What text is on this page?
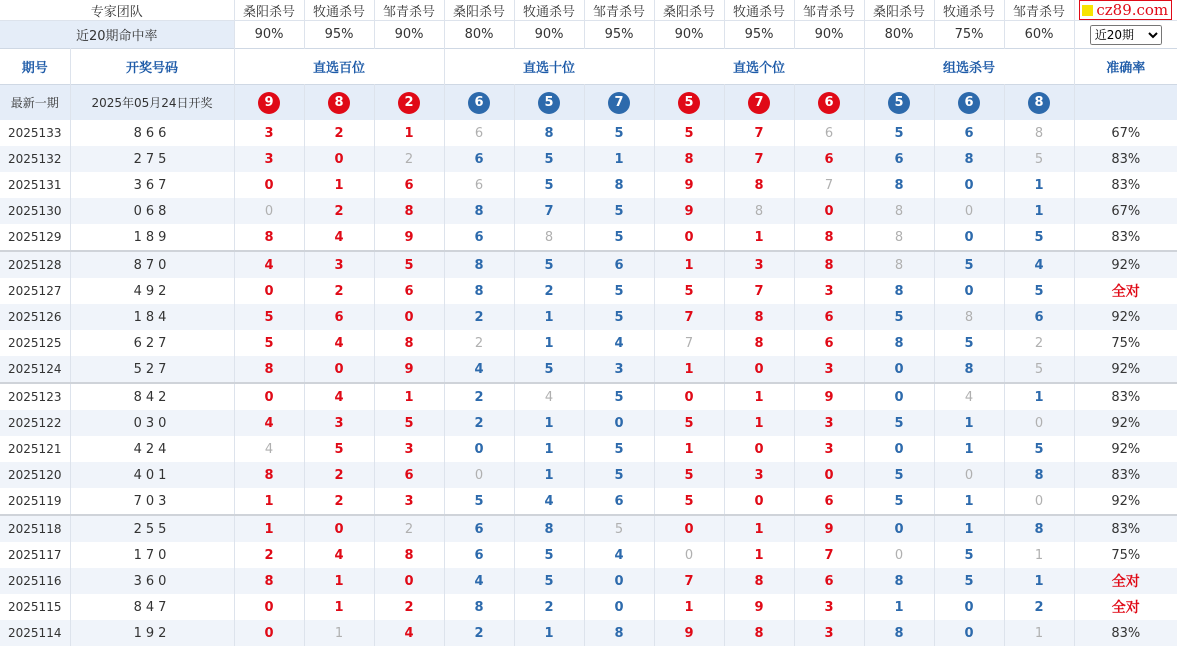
专家团队		桑阳杀号	牧通杀号	邹青杀号	桑阳杀号	牧通杀号	邹青杀号	桑阳杀号	牧通杀号	邹青杀号	桑阳杀号	牧通杀号	邹青杀号	cz89.com

近20期命中率		90%	95%	90%	80%	90%	95%	90%	95%	90%	80%	75%	60%	
近20期
期号	开奖号码	直选百位			直选十位			直选个位			组选杀号			准确率
最新一期	2025年05月24日开奖	9	8	2	6	5	7	5	7	6	5	6	8	
2025133	866	3	2	1	6	8	5	5	7	6	5	6	8	67%
2025132	275	3	0	2	6	5	1	8	7	6	6	8	5	83%
2025131	367	0	1	6	6	5	8	9	8	7	8	0	1	83%
2025130	068	0	2	8	8	7	5	9	8	0	8	0	1	67%
2025129	189	8	4	9	6	8	5	0	1	8	8	0	5	83%
2025128	870	4	3	5	8	5	6	1	3	8	8	5	4	92%
2025127	492	0	2	6	8	2	5	5	7	3	8	0	5	全对
2025126	184	5	6	0	2	1	5	7	8	6	5	8	6	92%
2025125	627	5	4	8	2	1	4	7	8	6	8	5	2	75%
2025124	527	8	0	9	4	5	3	1	0	3	0	8	5	92%
2025123	842	0	4	1	2	4	5	0	1	9	0	4	1	83%
2025122	030	4	3	5	2	1	0	5	1	3	5	1	0	92%
2025121	424	4	5	3	0	1	5	1	0	3	0	1	5	92%
2025120	401	8	2	6	0	1	5	5	3	0	5	0	8	83%
2025119	703	1	2	3	5	4	6	5	0	6	5	1	0	92%
2025118	255	1	0	2	6	8	5	0	1	9	0	1	8	83%
2025117	170	2	4	8	6	5	4	0	1	7	0	5	1	75%
2025116	360	8	1	0	4	5	0	7	8	6	8	5	1	全对
2025115	847	0	1	2	8	2	0	1	9	3	1	0	2	全对
2025114	192	0	1	4	2	1	8	9	8	3	8	0	1	83%
